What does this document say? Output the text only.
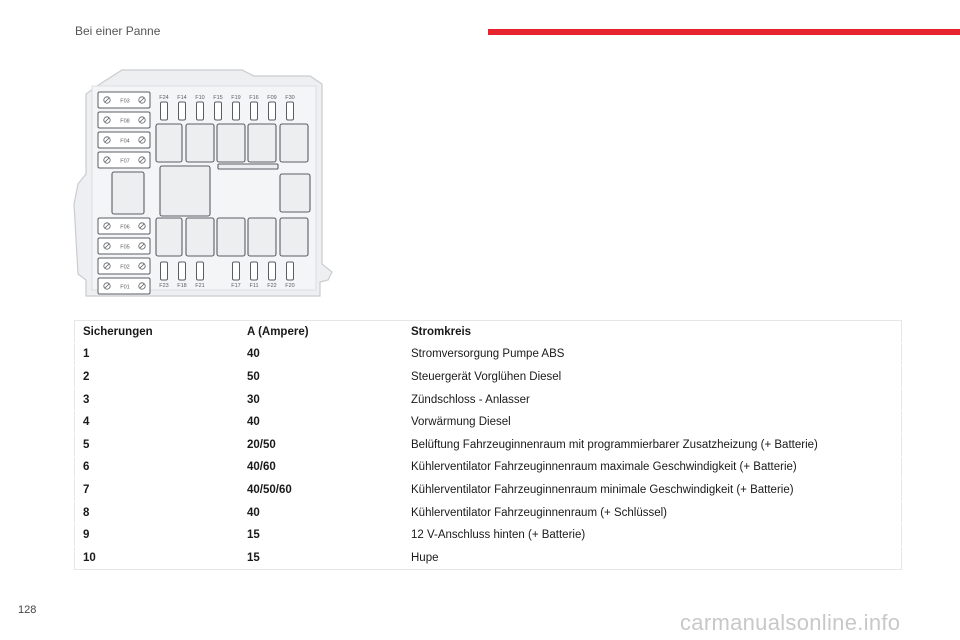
Bei einer Panne
F03
F08
F04
F07
F06
F05
F02
F01
F24 F14 F10 F15 F19 F16 F09 F30
F23 F18 F21	F17 F11 F22 F20
Sicherungen	A (Ampere)	Stromkreis
1	40	Stromversorgung Pumpe ABS
2	50	Steuergerät Vorglühen Diesel
3	30	Zündschloss - Anlasser
4	40	Vorwärmung Diesel
5	20/50	Belüftung Fahrzeuginnenraum mit programmierbarer Zusatzheizung (+ Batterie)
6	40/60	Kühlerventilator Fahrzeuginnenraum maximale Geschwindigkeit (+ Batterie)
7	40/50/60	Kühlerventilator Fahrzeuginnenraum minimale Geschwindigkeit (+ Batterie)
8	40	Kühlerventilator Fahrzeuginnenraum (+ Schlüssel)
9	15	12 V-Anschluss hinten (+ Batterie)
10	15	Hupe
128	carmanualsonline.info
